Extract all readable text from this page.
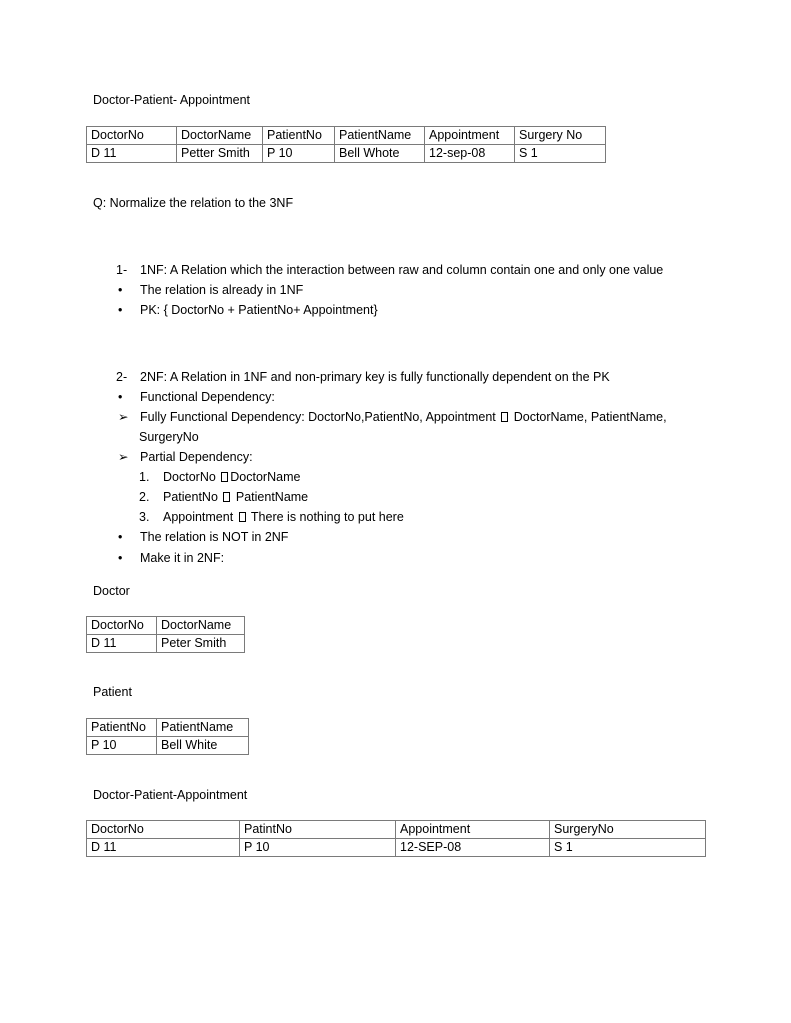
Doctor-Patient- Appointment
DoctorNo	DoctorName	PatientNo	PatientName	Appointment	Surgery No
D 11	Petter Smith	P 10	Bell Whote	12-sep-08	S 1
Q: Normalize the relation to the 3NF
1- 1NF: A Relation which the interaction between raw and column contain one and only one value
• The relation is already in 1NF
• PK: { DoctorNo + PatientNo+ Appointment}
2- 2NF: A Relation in 1NF and non-primary key is fully functionally dependent on the PK
• Functional Dependency:
➢ Fully Functional Dependency: DoctorNo,PatientNo, Appointment DoctorName, PatientName,
SurgeryNo
➢ Partial Dependency:
1. DoctorNo DoctorName
2. PatientNo PatientName
3. Appointment There is nothing to put here
• The relation is NOT in 2NF
• Make it in 2NF:
Doctor
DoctorNo	DoctorName
D 11	Peter Smith
Patient
PatientNo	PatientName
P 10	Bell White
Doctor-Patient-Appointment
DoctorNo	PatintNo	Appointment	SurgeryNo
D 11	P 10	12-SEP-08	S 1
